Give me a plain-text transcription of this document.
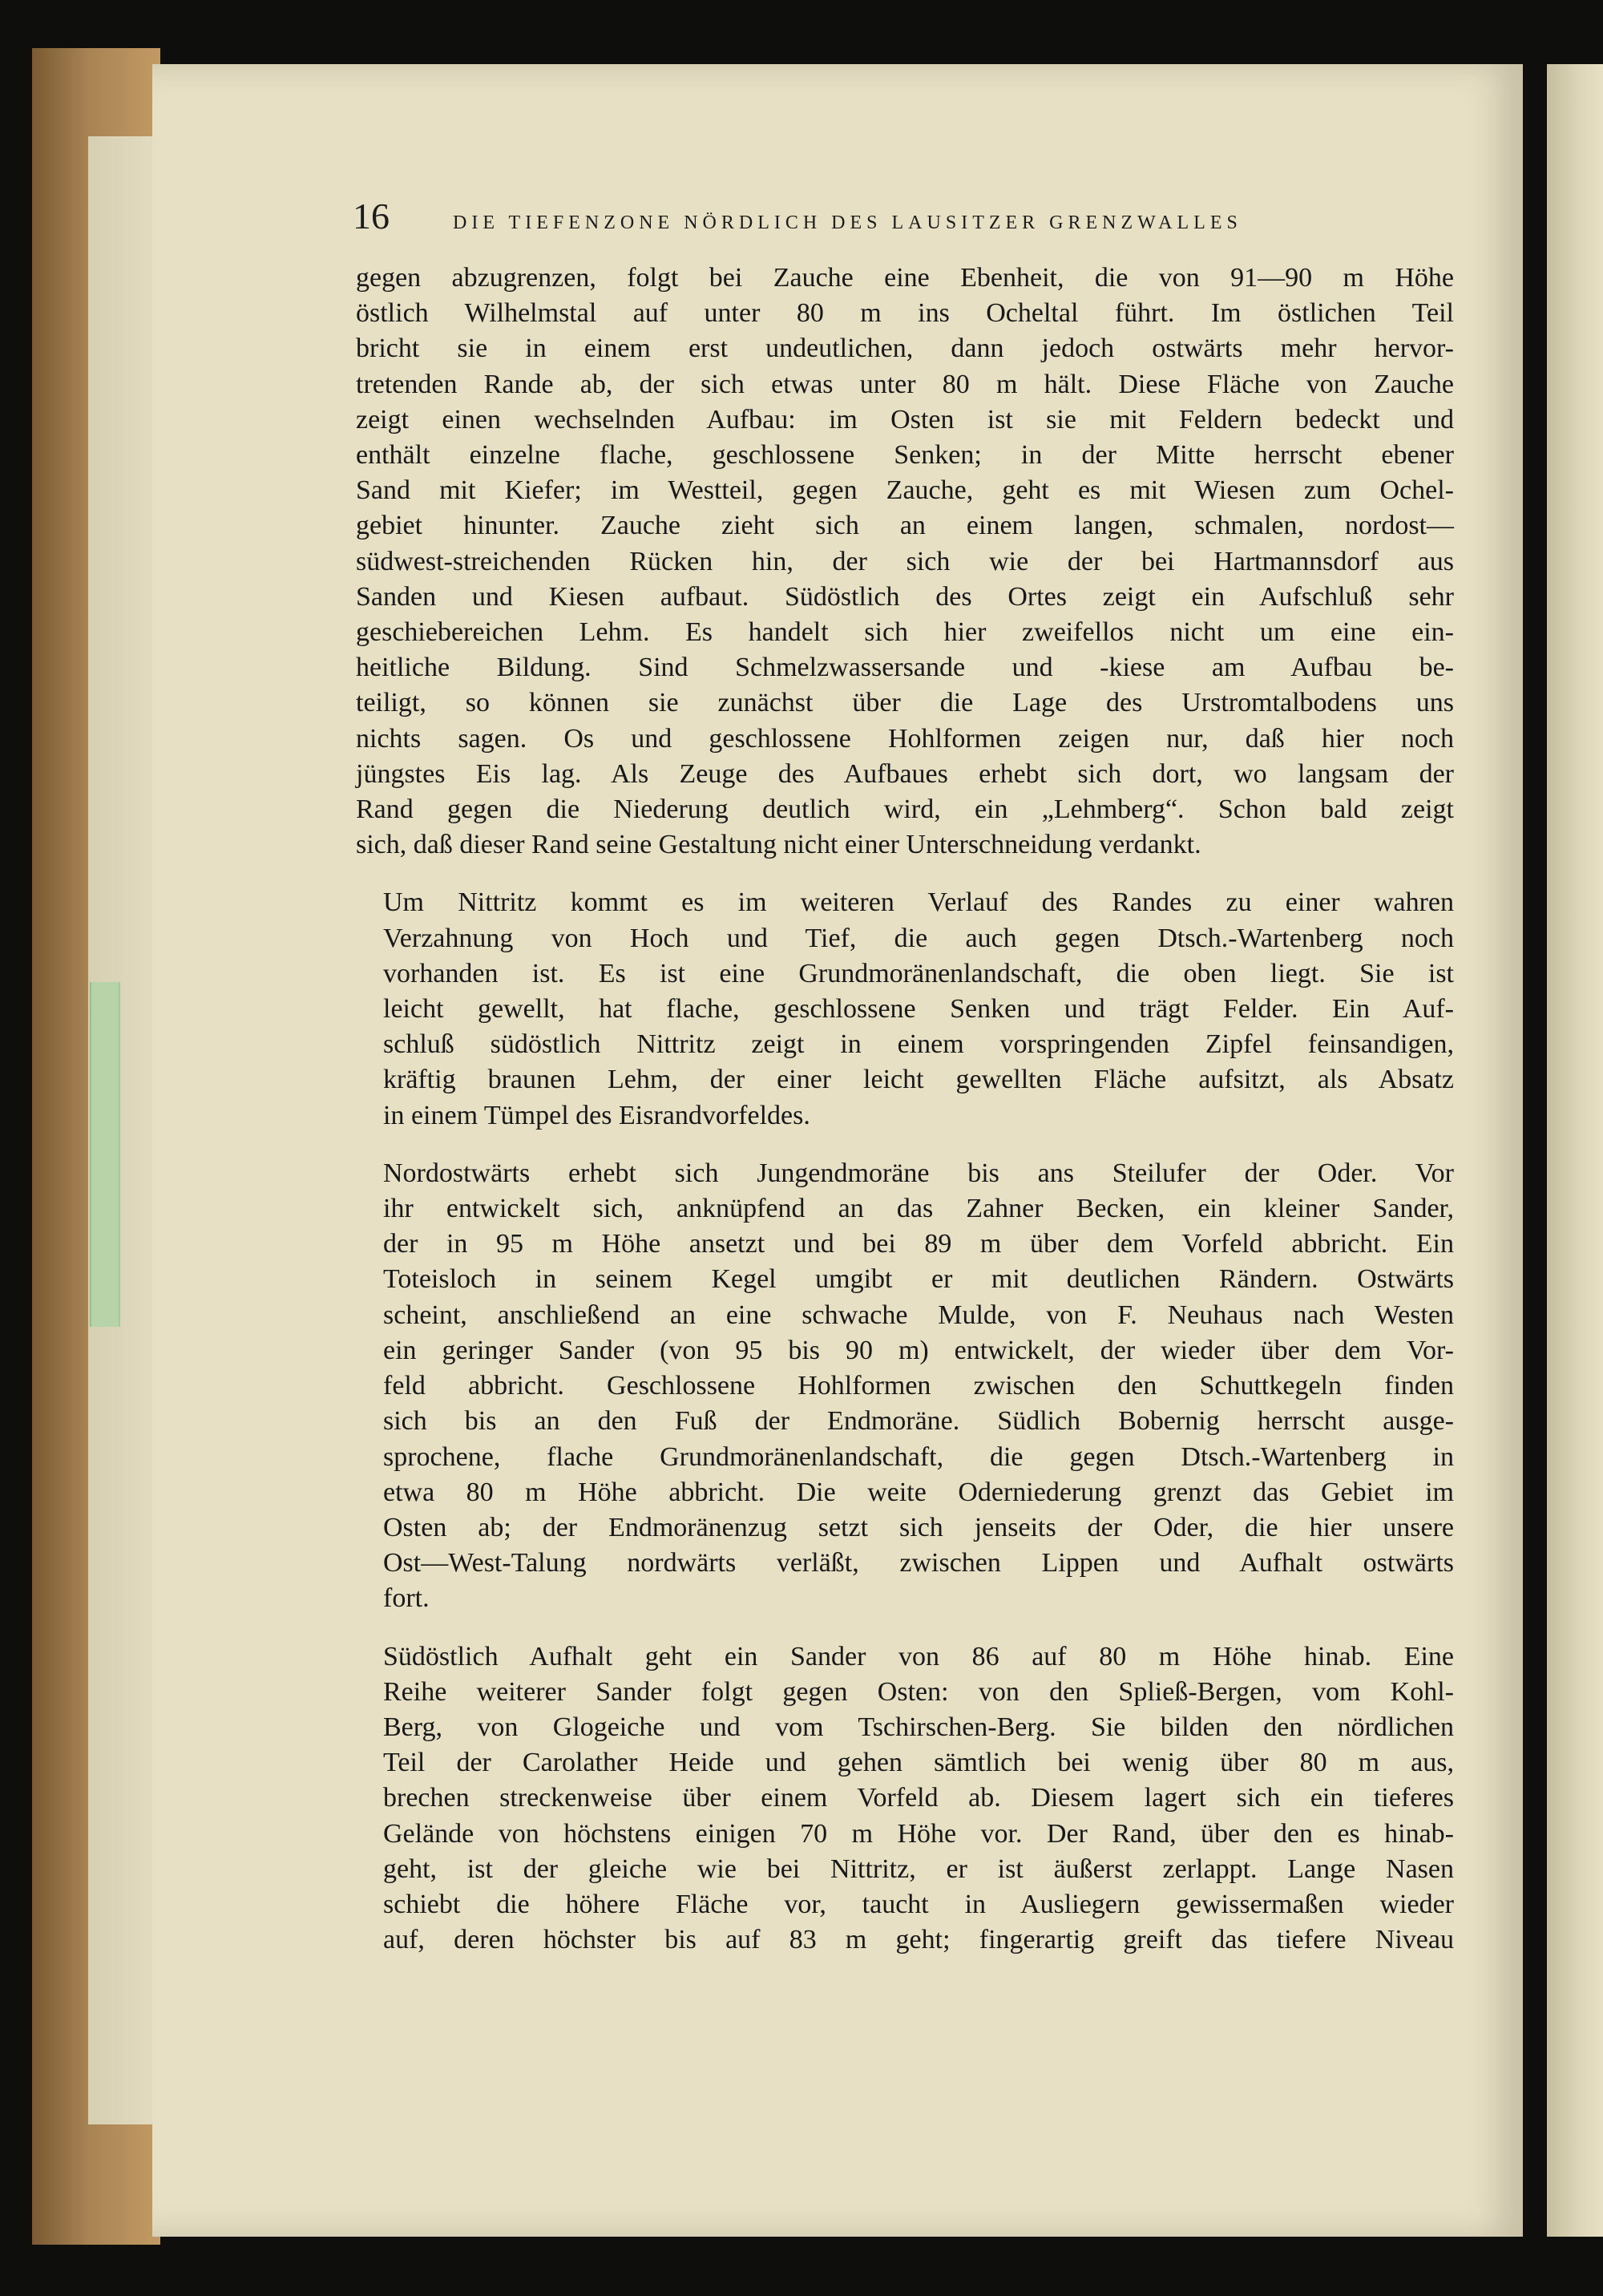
16	DIE TIEFENZONE NÖRDLICH DES LAUSITZER GRENZWALLES
gegen abzugrenzen, folgt bei Zauche eine Ebenheit, die von 91—90 m Höhe
östlich Wilhelmstal auf unter 80 m ins Ocheltal führt. Im östlichen Teil
bricht sie in einem erst undeutlichen, dann jedoch ostwärts mehr hervor-
tretenden Rande ab, der sich etwas unter 80 m hält. Diese Fläche von Zauche
zeigt einen wechselnden Aufbau: im Osten ist sie mit Feldern bedeckt und
enthält einzelne flache, geschlossene Senken; in der Mitte herrscht ebener
Sand mit Kiefer; im Westteil, gegen Zauche, geht es mit Wiesen zum Ochel-
gebiet hinunter. Zauche zieht sich an einem langen, schmalen, nordost—
südwest-streichenden Rücken hin, der sich wie der bei Hartmannsdorf aus
Sanden und Kiesen aufbaut. Südöstlich des Ortes zeigt ein Aufschluß sehr
geschiebereichen Lehm. Es handelt sich hier zweifellos nicht um eine ein-
heitliche Bildung. Sind Schmelzwassersande und -kiese am Aufbau be-
teiligt, so können sie zunächst über die Lage des Urstromtalbodens uns
nichts sagen. Os und geschlossene Hohlformen zeigen nur, daß hier noch
jüngstes Eis lag. Als Zeuge des Aufbaues erhebt sich dort, wo langsam der
Rand gegen die Niederung deutlich wird, ein „Lehmberg“. Schon bald zeigt
sich, daß dieser Rand seine Gestaltung nicht einer Unterschneidung verdankt.
Um Nittritz kommt es im weiteren Verlauf des Randes zu einer wahren
Verzahnung von Hoch und Tief, die auch gegen Dtsch.-Wartenberg noch
vorhanden ist. Es ist eine Grundmoränenlandschaft, die oben liegt. Sie ist
leicht gewellt, hat flache, geschlossene Senken und trägt Felder. Ein Auf-
schluß südöstlich Nittritz zeigt in einem vorspringenden Zipfel feinsandigen,
kräftig braunen Lehm, der einer leicht gewellten Fläche aufsitzt, als Absatz
in einem Tümpel des Eisrandvorfeldes.
Nordostwärts erhebt sich Jungendmoräne bis ans Steilufer der Oder. Vor
ihr entwickelt sich, anknüpfend an das Zahner Becken, ein kleiner Sander,
der in 95 m Höhe ansetzt und bei 89 m über dem Vorfeld abbricht. Ein
Toteisloch in seinem Kegel umgibt er mit deutlichen Rändern. Ostwärts
scheint, anschließend an eine schwache Mulde, von F. Neuhaus nach Westen
ein geringer Sander (von 95 bis 90 m) entwickelt, der wieder über dem Vor-
feld abbricht. Geschlossene Hohlformen zwischen den Schuttkegeln finden
sich bis an den Fuß der Endmoräne. Südlich Bobernig herrscht ausge-
sprochene, flache Grundmoränenlandschaft, die gegen Dtsch.-Wartenberg in
etwa 80 m Höhe abbricht. Die weite Oderniederung grenzt das Gebiet im
Osten ab; der Endmoränenzug setzt sich jenseits der Oder, die hier unsere
Ost—West-Talung nordwärts verläßt, zwischen Lippen und Aufhalt ostwärts
fort.
Südöstlich Aufhalt geht ein Sander von 86 auf 80 m Höhe hinab. Eine
Reihe weiterer Sander folgt gegen Osten: von den Spließ-Bergen, vom Kohl-
Berg, von Glogeiche und vom Tschirschen-Berg. Sie bilden den nördlichen
Teil der Carolather Heide und gehen sämtlich bei wenig über 80 m aus,
brechen streckenweise über einem Vorfeld ab. Diesem lagert sich ein tieferes
Gelände von höchstens einigen 70 m Höhe vor. Der Rand, über den es hinab-
geht, ist der gleiche wie bei Nittritz, er ist äußerst zerlappt. Lange Nasen
schiebt die höhere Fläche vor, taucht in Ausliegern gewissermaßen wieder
auf, deren höchster bis auf 83 m geht; fingerartig greift das tiefere Niveau
